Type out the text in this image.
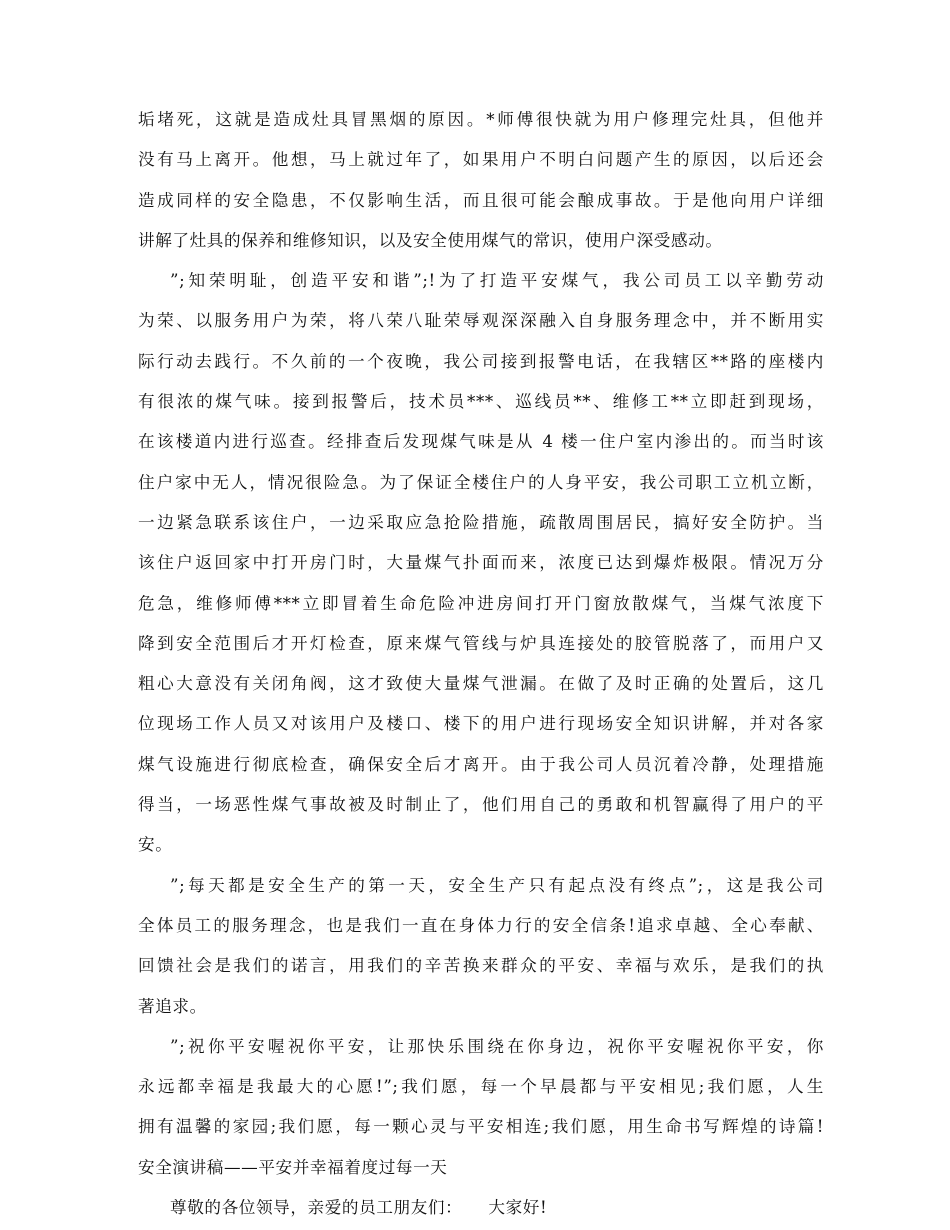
垢堵死，这就是造成灶具冒黑烟的原因。*师傅很快就为用户修理完灶具，但他并
没有马上离开。他想，马上就过年了，如果用户不明白问题产生的原因，以后还会
造成同样的安全隐患，不仅影响生活，而且很可能会酿成事故。于是他向用户详细
讲解了灶具的保养和维修知识，以及安全使用煤气的常识，使用户深受感动。
”;知荣明耻，创造平安和谐”;!为了打造平安煤气，我公司员工以辛勤劳动
为荣、以服务用户为荣，将八荣八耻荣辱观深深融入自身服务理念中，并不断用实
际行动去践行。不久前的一个夜晚，我公司接到报警电话，在我辖区**路的座楼内
有很浓的煤气味。接到报警后，技术员***、巡线员**、维修工**立即赶到现场，
在该楼道内进行巡查。经排查后发现煤气味是从 4 楼一住户室内渗出的。而当时该
住户家中无人，情况很险急。为了保证全楼住户的人身平安，我公司职工立机立断，
一边紧急联系该住户，一边采取应急抢险措施，疏散周围居民，搞好安全防护。当
该住户返回家中打开房门时，大量煤气扑面而来，浓度已达到爆炸极限。情况万分
危急，维修师傅***立即冒着生命危险冲进房间打开门窗放散煤气，当煤气浓度下
降到安全范围后才开灯检查，原来煤气管线与炉具连接处的胶管脱落了，而用户又
粗心大意没有关闭角阀，这才致使大量煤气泄漏。在做了及时正确的处置后，这几
位现场工作人员又对该用户及楼口、楼下的用户进行现场安全知识讲解，并对各家
煤气设施进行彻底检查，确保安全后才离开。由于我公司人员沉着冷静，处理措施
得当，一场恶性煤气事故被及时制止了，他们用自己的勇敢和机智赢得了用户的平
安。
”;每天都是安全生产的第一天，安全生产只有起点没有终点”;，这是我公司
全体员工的服务理念，也是我们一直在身体力行的安全信条!追求卓越、全心奉献、
回馈社会是我们的诺言，用我们的辛苦换来群众的平安、幸福与欢乐，是我们的执
著追求。
”;祝你平安喔祝你平安，让那快乐围绕在你身边，祝你平安喔祝你平安，你
永远都幸福是我最大的心愿!”;我们愿，每一个早晨都与平安相见;我们愿，人生
拥有温馨的家园;我们愿，每一颗心灵与平安相连;我们愿，用生命书写辉煌的诗篇!
安全演讲稿——平安并幸福着度过每一天
尊敬的各位领导，亲爱的员工朋友们：　　大家好!
